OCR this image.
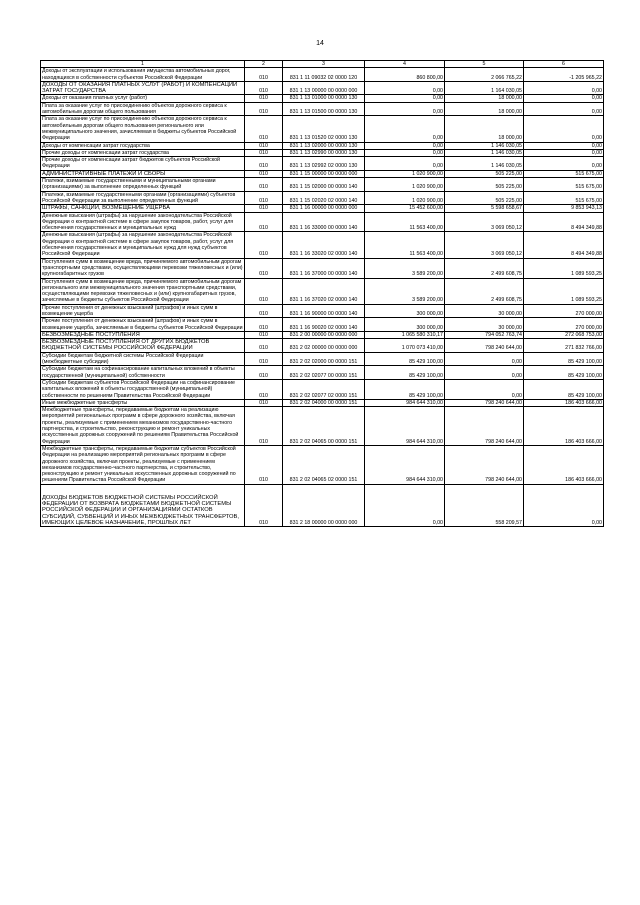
14
1	2	3	4	5	6
Доходы от эксплуатации и использования имущества автомобильных дорог, находящихся в собственности субъектов Российской Федерации	010	831 1 11 09032 02 0000 120	860 800,00	2 066 765,22	-1 205 965,22
ДОХОДЫ ОТ ОКАЗАНИЯ ПЛАТНЫХ УСЛУГ (РАБОТ) И КОМПЕНСАЦИИ ЗАТРАТ ГОСУДАРСТВА	010	831 1 13 00000 00 0000 000	0,00	1 164 030,05	0,00
Доходы от оказания платных услуг (работ)	010	831 1 13 01000 00 0000 130	0,00	18 000,00	0,00
Плата за оказание услуг по присоединению объектов дорожного сервиса к автомобильным дорогам общего пользования	010	831 1 13 01500 00 0000 130	0,00	18 000,00	0,00
Плата за оказание услуг по присоединению объектов дорожного сервиса к автомобильным дорогам общего пользования регионального или межмуниципального значения, зачисляемая в бюджеты субъектов Российской Федерации	010	831 1 13 01520 02 0000 130	0,00	18 000,00	0,00
Доходы от компенсации затрат государства	010	831 1 13 02000 00 0000 130	0,00	1 146 030,05	0,00
Прочие доходы от компенсации затрат государства	010	831 1 13 02990 00 0000 130	0,00	1 146 030,05	0,00
Прочие доходы от компенсации затрат бюджетов субъектов Российской Федерации	010	831 1 13 02992 02 0000 130	0,00	1 146 030,05	0,00
АДМИНИСТРАТИВНЫЕ ПЛАТЕЖИ И СБОРЫ	010	831 1 15 00000 00 0000 000	1 020 900,00	505 225,00	515 675,00
Платежи, взимаемые государственными и муниципальными органами (организациями) за выполнение определенных функций	010	831 1 15 02000 00 0000 140	1 020 900,00	505 225,00	515 675,00
Платежи, взимаемые государственными органами (организациями) субъектов Российской Федерации за выполнение определенных функций	010	831 1 15 02020 02 0000 140	1 020 900,00	505 225,00	515 675,00
ШТРАФЫ, САНКЦИИ, ВОЗМЕЩЕНИЕ УЩЕРБА	010	831 1 16 00000 00 0000 000	15 452 600,00	5 598 658,67	9 853 943,13
Денежные взыскания (штрафы) за нарушение законодательства Российской Федерации о контрактной системе в сфере закупок товаров, работ, услуг для обеспечения государственных и муниципальных нужд	010	831 1 16 33000 00 0000 140	11 563 400,00	3 069 050,12	8 494 349,88
Денежные взыскания (штрафы) за нарушение законодательства Российской Федерации о контрактной системе в сфере закупок товаров, работ, услуг для обеспечения государственных и муниципальных нужд для нужд субъектов Российской Федерации	010	831 1 16 33020 02 0000 140	11 563 400,00	3 069 050,12	8 494 349,88
Поступления сумм в возмещение вреда, причиняемого автомобильным дорогам транспортными средствами, осуществляющими перевозки тяжеловесных и (или) крупногабаритных грузов	010	831 1 16 37000 00 0000 140	3 589 200,00	2 499 608,75	1 089 593,25
Поступления сумм в возмещение вреда, причиняемого автомобильным дорогам регионального или межмуниципального значения транспортными средствами, осуществляющими перевозки тяжеловесных и (или) крупногабаритных грузов, зачисляемые в бюджеты субъектов Российской Федерации	010	831 1 16 37020 02 0000 140	3 589 200,00	2 499 608,75	1 089 593,25
Прочие поступления от денежных взысканий (штрафов) и иных сумм в возмещение ущерба	010	831 1 16 90000 00 0000 140	300 000,00	30 000,00	270 000,00
Прочие поступления от денежных взысканий (штрафов) и иных сумм в возмещение ущерба, зачисляемые в бюджеты субъектов Российской Федерации	010	831 1 16 90020 02 0000 140	300 000,00	30 000,00	270 000,00
БЕЗВОЗМЕЗДНЫЕ ПОСТУПЛЕНИЯ	010	831 2 00 00000 00 0000 000	1 065 580 310,17	794 052 763,74	272 068 753,00
БЕЗВОЗМЕЗДНЫЕ ПОСТУПЛЕНИЯ ОТ ДРУГИХ БЮДЖЕТОВ БЮДЖЕТНОЙ СИСТЕМЫ РОССИЙСКОЙ ФЕДЕРАЦИИ	010	831 2 02 00000 00 0000 000	1 070 073 410,00	798 240 644,00	271 832 766,00
Субсидии бюджетам бюджетной системы Российской Федерации (межбюджетные субсидии)	010	831 2 02 02000 00 0000 151	85 429 100,00	0,00	85 429 100,00
Субсидии бюджетам на софинансирование капитальных вложений в объекты государственной (муниципальной) собственности	010	831 2 02 02077 00 0000 151	85 429 100,00	0,00	85 429 100,00
Субсидии бюджетам субъектов Российской Федерации на софинансирование капитальных вложений в объекты государственной (муниципальной) собственности по решениям Правительства Российской Федерации	010	831 2 02 02077 02 0000 151	85 429 100,00	0,00	85 429 100,00
Иные межбюджетные трансферты	010	831 2 02 04000 00 0000 151	984 644 310,00	798 240 644,00	186 403 666,00
Межбюджетные трансферты, передаваемые бюджетам на реализацию мероприятий региональных программ в сфере дорожного хозяйства, включая проекты, реализуемые с применением механизмов государственно-частного партнерства, и строительство, реконструкцию и ремонт уникальных искусственных дорожных сооружений по решениям Правительства Российской Федерации	010	831 2 02 04065 00 0000 151	984 644 310,00	798 240 644,00	186 403 666,00
Межбюджетные трансферты, передаваемые бюджетам субъектов Российской Федерации на реализацию мероприятий региональных программ в сфере дорожного хозяйства, включая проекты, реализуемые с применением механизмов государственно-частного партнерства, и строительство, реконструкцию и ремонт уникальных искусственных дорожных сооружений по решениям Правительства Российской Федерации	010	831 2 02 04065 02 0000 151	984 644 310,00	798 240 644,00	186 403 666,00
ДОХОДЫ БЮДЖЕТОВ БЮДЖЕТНОЙ СИСТЕМЫ РОССИЙСКОЙ ФЕДЕРАЦИИ ОТ ВОЗВРАТА БЮДЖЕТАМИ БЮДЖЕТНОЙ СИСТЕМЫ РОССИЙСКОЙ ФЕДЕРАЦИИ И ОРГАНИЗАЦИЯМИ ОСТАТКОВ СУБСИДИЙ, СУБВЕНЦИЙ И ИНЫХ МЕЖБЮДЖЕТНЫХ ТРАНСФЕРТОВ, ИМЕЮЩИХ ЦЕЛЕВОЕ НАЗНАЧЕНИЕ, ПРОШЛЫХ ЛЕТ	010	831 2 18 00000 00 0000 000	0,00	558 209,57	0,00
